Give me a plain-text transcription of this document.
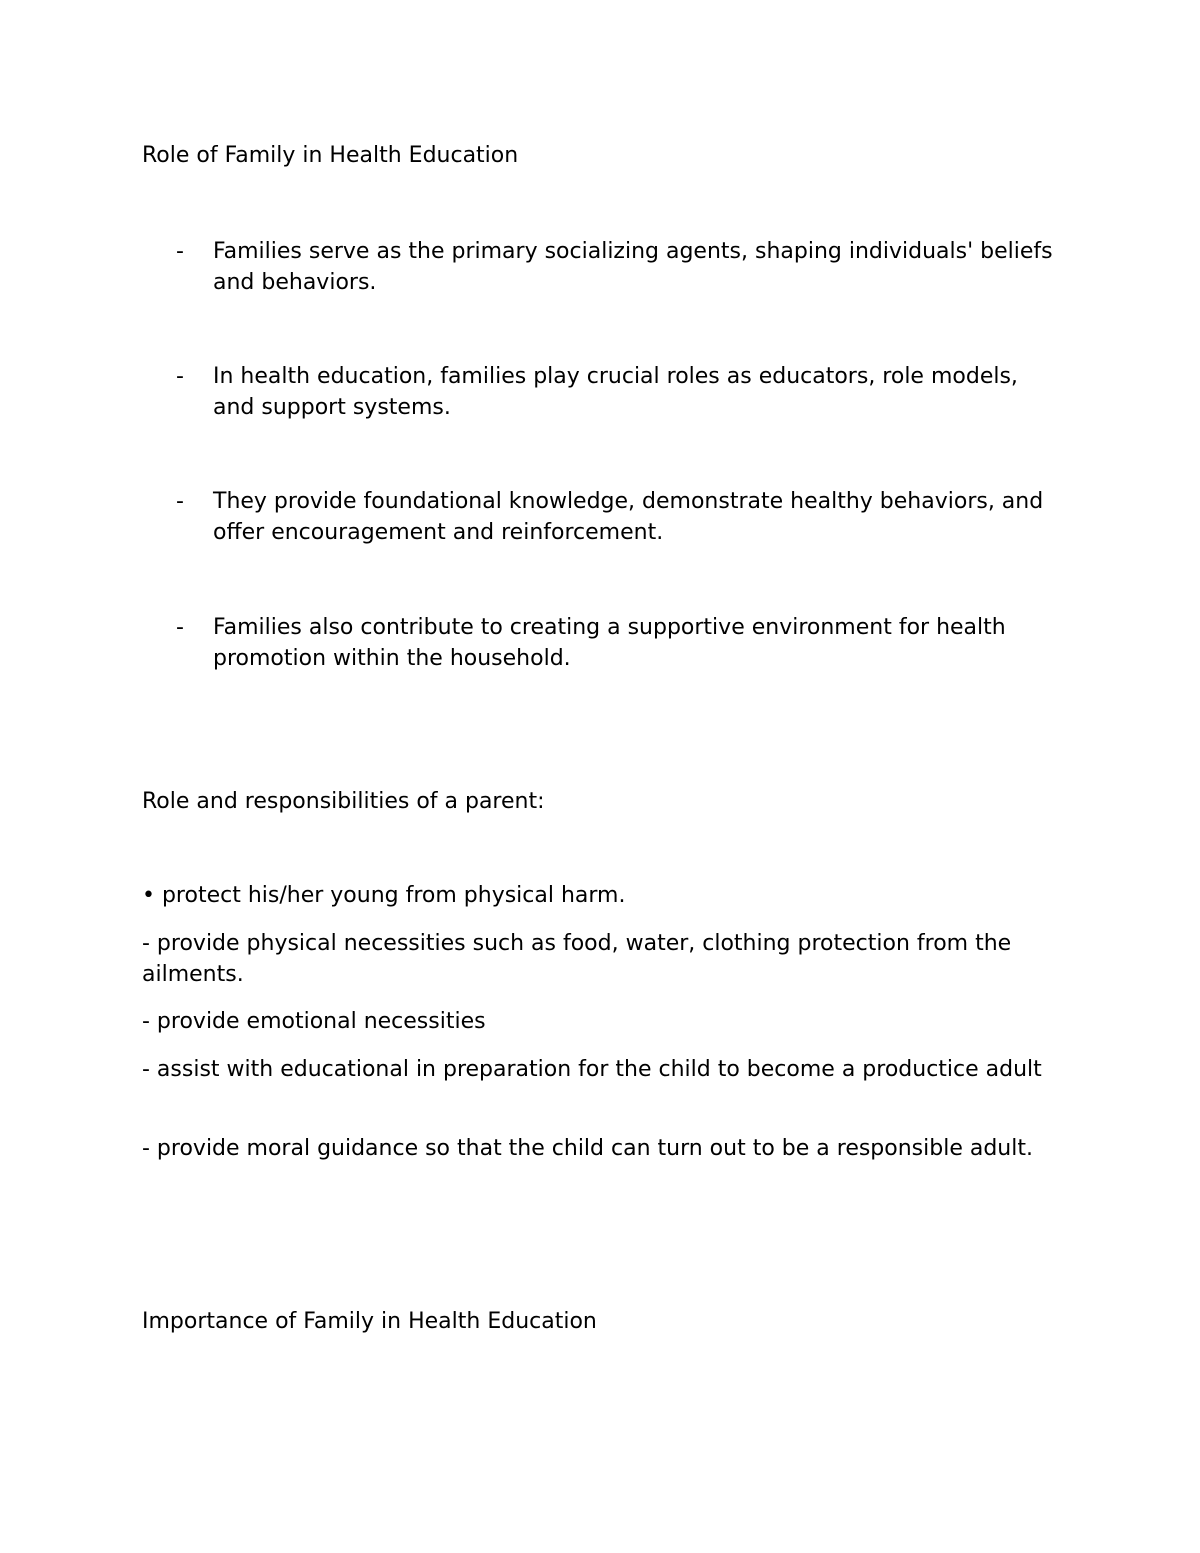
Role of Family in Health Education
- Families serve as the primary socializing agents, shaping individuals' beliefs and behaviors.
- In health education, families play crucial roles as educators, role models, and support systems.
- They provide foundational knowledge, demonstrate healthy behaviors, and offer encouragement and reinforcement.
- Families also contribute to creating a supportive environment for health promotion within the household.
Role and responsibilities of a parent:

• protect his/her young from physical harm.

- provide physical necessities such as food, water, clothing protection from the ailments.

- provide emotional necessities

- assist with educational in preparation for the child to become a productice adult

- provide moral guidance so that the child can turn out to be a responsible adult.

Importance of Family in Health Education
